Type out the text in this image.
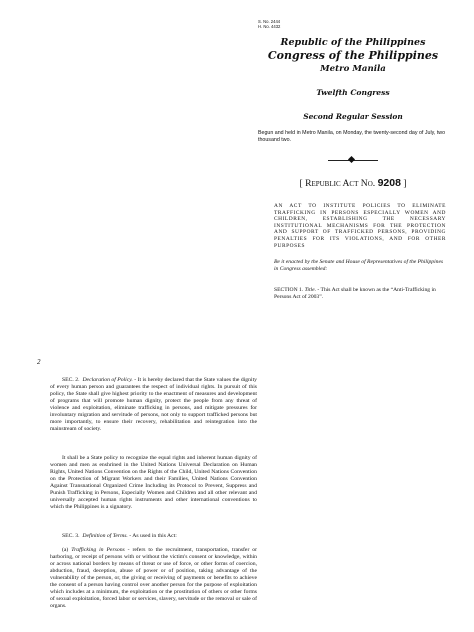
S. No. 2444
H. No. 4432
Republic of the Philippines
Congress of the Philippines
Metro Manila
Twelfth Congress
Second Regular Session
Begun and held in Metro Manila, on Monday, the twenty-second day of July, two thousand two.
[ Republic Act No. 9208 ]
AN ACT TO INSTITUTE POLICIES TO ELIMINATE TRAFFICKING IN PERSONS ESPECIALLY WOMEN AND CHILDREN, ESTABLISHING THE NECESSARY INSTITUTIONAL MECHANISMS FOR THE PROTECTION AND SUPPORT OF TRAFFICKED PERSONS, PROVIDING PENALTIES FOR ITS VIOLATIONS, AND FOR OTHER PURPOSES
Be it enacted by the Senate and House of Representatives of the Philippines in Congress assembled:
SECTION 1. Title. - This Act shall be known as the “Anti-Trafficking in Persons Act of 2003”.
2

SEC. 2. Declaration of Policy. - It is hereby declared that the State values the dignity of every human person and guarantees the respect of individual rights. In pursuit of this policy, the State shall give highest priority to the enactment of measures and development of programs that will promote human dignity, protect the people from any threat of violence and exploitation, eliminate trafficking in persons, and mitigate pressures for involuntary migration and servitude of persons, not only to support trafficked persons but more importantly, to ensure their recovery, rehabilitation and reintegration into the mainstream of society.

It shall be a State policy to recognize the equal rights and inherent human dignity of women and men as enshrined in the United Nations Universal Declaration on Human Rights, United Nations Convention on the Rights of the Child, United Nations Convention on the Protection of Migrant Workers and their Families, United Nations Convention Against Transnational Organized Crime Including its Protocol to Prevent, Suppress and Punish Trafficking in Persons, Especially Women and Children and all other relevant and universally accepted human rights instruments and other international conventions to which the Philippines is a signatory.

SEC. 3. Definition of Terms. - As used in this Act:

(a) Trafficking in Persons - refers to the recruitment, transportation, transfer or harboring, or receipt of persons with or without the victim's consent or knowledge, within or across national borders by means of threat or use of force, or other forms of coercion, abduction, fraud, deception, abuse of power or of position, taking advantage of the vulnerability of the person, or, the giving or receiving of payments or benefits to achieve the consent of a person having control over another person for the purpose of exploitation which includes at a minimum, the exploitation or the prostitution of others or other forms of sexual exploitation, forced labor or services, slavery, servitude or the removal or sale of organs.
